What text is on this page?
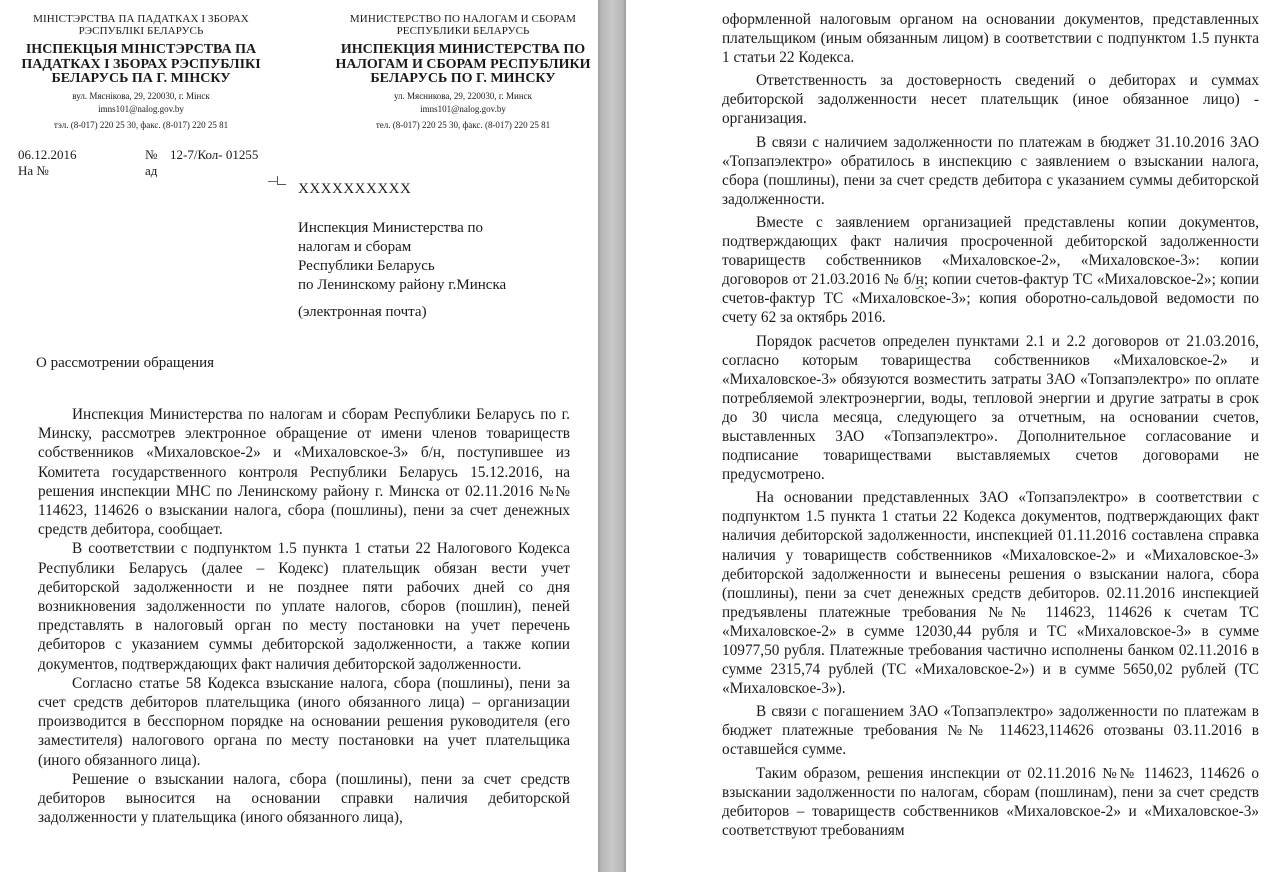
МІНІСТЭРСТВА ПА ПАДАТКАХ І ЗБОРАХ РЭСПУБЛІКІ БЕЛАРУСЬ
ІНСПЕКЦЫЯ МІНІСТЭРСТВА ПА ПАДАТКАХ І ЗБОРАХ РЭСПУБЛІКІ БЕЛАРУСЬ ПА Г. МІНСКУ
вул. Мяснікова, 29, 220030, г. Мінск
imns101@nalog.gov.by
тэл. (8-017) 220 25 30, факс. (8-017) 220 25 81
МИНИСТЕРСТВО ПО НАЛОГАМ И СБОРАМ РЕСПУБЛИКИ БЕЛАРУСЬ
ИНСПЕКЦИЯ МИНИСТЕРСТВА ПО НАЛОГАМ И СБОРАМ РЕСПУБЛИКИ БЕЛАРУСЬ ПО Г. МИНСКУ
ул. Мясникова, 29, 220030, г. Минск
imns101@nalog.gov.by
тел. (8-017) 220 25 30, факс. (8-017) 220 25 81
06.12.2016	№ 12-7/Кол- 01255
На №	ад
ХХХХХХХХХХ
Инспекция Министерства по
налогам и сборам
Республики Беларусь
по Ленинскому району г.Минска
(электронная почта)
О рассмотрении обращения

Инспекция Министерства по налогам и сборам Республики Беларусь по г. Минску, рассмотрев электронное обращение от имени членов товариществ собственников «Михаловское-2» и «Михаловское-3» б/н, поступившее из Комитета государственного контроля Республики Беларусь 15.12.2016, на решения инспекции МНС по Ленинскому району г. Минска от 02.11.2016 №№ 114623, 114626 о взыскании налога, сбора (пошлины), пени за счет денежных средств дебитора, сообщает.

В соответствии с подпунктом 1.5 пункта 1 статьи 22 Налогового Кодекса Республики Беларусь (далее – Кодекс) плательщик обязан вести учет дебиторской задолженности и не позднее пяти рабочих дней со дня возникновения задолженности по уплате налогов, сборов (пошлин), пеней представлять в налоговый орган по месту постановки на учет перечень дебиторов с указанием суммы дебиторской задолженности, а также копии документов, подтверждающих факт наличия дебиторской задолженности.

Согласно статье 58 Кодекса взыскание налога, сбора (пошлины), пени за счет средств дебиторов плательщика (иного обязанного лица) – организации производится в бесспорном порядке на основании решения руководителя (его заместителя) налогового органа по месту постановки на учет плательщика (иного обязанного лица).

Решение о взыскании налога, сбора (пошлины), пени за счет средств дебиторов выносится на основании справки наличия дебиторской задолженности у плательщика (иного обязанного лица),

оформленной налоговым органом на основании документов, представленных плательщиком (иным обязанным лицом) в соответствии с подпунктом 1.5 пункта 1 статьи 22 Кодекса.

Ответственность за достоверность сведений о дебиторах и суммах дебиторской задолженности несет плательщик (иное обязанное лицо) - организация.

В связи с наличием задолженности по платежам в бюджет 31.10.2016 ЗАО «Топзапэлектро» обратилось в инспекцию с заявлением о взыскании налога, сбора (пошлины), пени за счет средств дебитора с указанием суммы дебиторской задолженности.

Вместе с заявлением организацией представлены копии документов, подтверждающих факт наличия просроченной дебиторской задолженности товариществ собственников «Михаловское-2», «Михаловское-3»: копии договоров от 21.03.2016 № б/н; копии счетов-фактур ТС «Михаловское-2»; копии счетов-фактур ТС «Михаловское-3»; копия оборотно-сальдовой ведомости по счету 62 за октябрь 2016.

Порядок расчетов определен пунктами 2.1 и 2.2 договоров от 21.03.2016, согласно которым товарищества собственников «Михаловское-2» и «Михаловское-3» обязуются возместить затраты ЗАО «Топзапэлектро» по оплате потребляемой электроэнергии, воды, тепловой энергии и другие затраты в срок до 30 числа месяца, следующего за отчетным, на основании счетов, выставленных ЗАО «Топзапэлектро». Дополнительное согласование и подписание товариществами выставляемых счетов договорами не предусмотрено.

На основании представленных ЗАО «Топзапэлектро» в соответствии с подпунктом 1.5 пункта 1 статьи 22 Кодекса документов, подтверждающих факт наличия дебиторской задолженности, инспекцией 01.11.2016 составлена справка наличия у товариществ собственников «Михаловское-2» и «Михаловское-3» дебиторской задолженности и вынесены решения о взыскании налога, сбора (пошлины), пени за счет денежных средств дебиторов. 02.11.2016 инспекцией предъявлены платежные требования №№ 114623, 114626 к счетам ТС «Михаловское-2» в сумме 12030,44 рубля и ТС «Михаловское-3» в сумме 10977,50 рубля. Платежные требования частично исполнены банком 02.11.2016 в сумме 2315,74 рублей (ТС «Михаловское-2») и в сумме 5650,02 рублей (ТС «Михаловское-3»).

В связи с погашением ЗАО «Топзапэлектро» задолженности по платежам в бюджет платежные требования №№ 114623,114626 отозваны 03.11.2016 в оставшейся сумме.

Таким образом, решения инспекции от 02.11.2016 №№ 114623, 114626 о взыскании задолженности по налогам, сборам (пошлинам), пени за счет средств дебиторов – товариществ собственников «Михаловское-2» и «Михаловское-3» соответствуют требованиям
